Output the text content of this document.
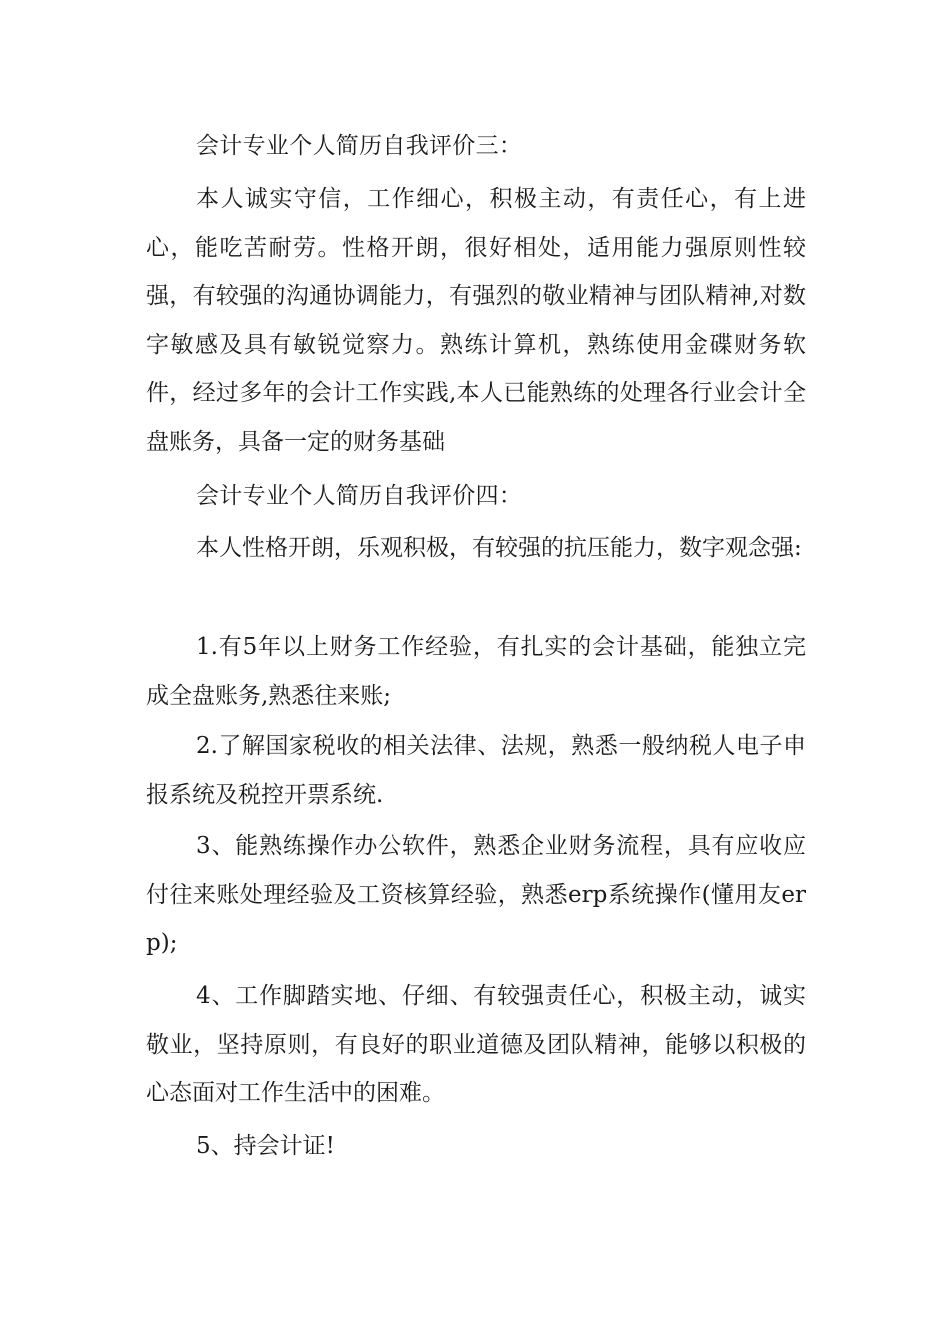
会计专业个人简历自我评价三：

本人诚实守信，工作细心，积极主动，有责任心，有上进心，能吃苦耐劳。性格开朗，很好相处，适用能力强原则性较强，有较强的沟通协调能力，有强烈的敬业精神与团队精神,对数字敏感及具有敏锐觉察力。熟练计算机，熟练使用金碟财务软件，经过多年的会计工作实践,本人已能熟练的处理各行业会计全盘账务，具备一定的财务基础

会计专业个人简历自我评价四：

本人性格开朗，乐观积极，有较强的抗压能力，数字观念强:

1.有5年以上财务工作经验，有扎实的会计基础，能独立完成全盘账务,熟悉往来账;

2.了解国家税收的相关法律、法规，熟悉一般纳税人电子申报系统及税控开票系统.

3、能熟练操作办公软件，熟悉企业财务流程，具有应收应付往来账处理经验及工资核算经验，熟悉erp系统操作(懂用友erp);

4、工作脚踏实地、仔细、有较强责任心，积极主动，诚实敬业，坚持原则，有良好的职业道德及团队精神，能够以积极的心态面对工作生活中的困难。

5、持会计证!
